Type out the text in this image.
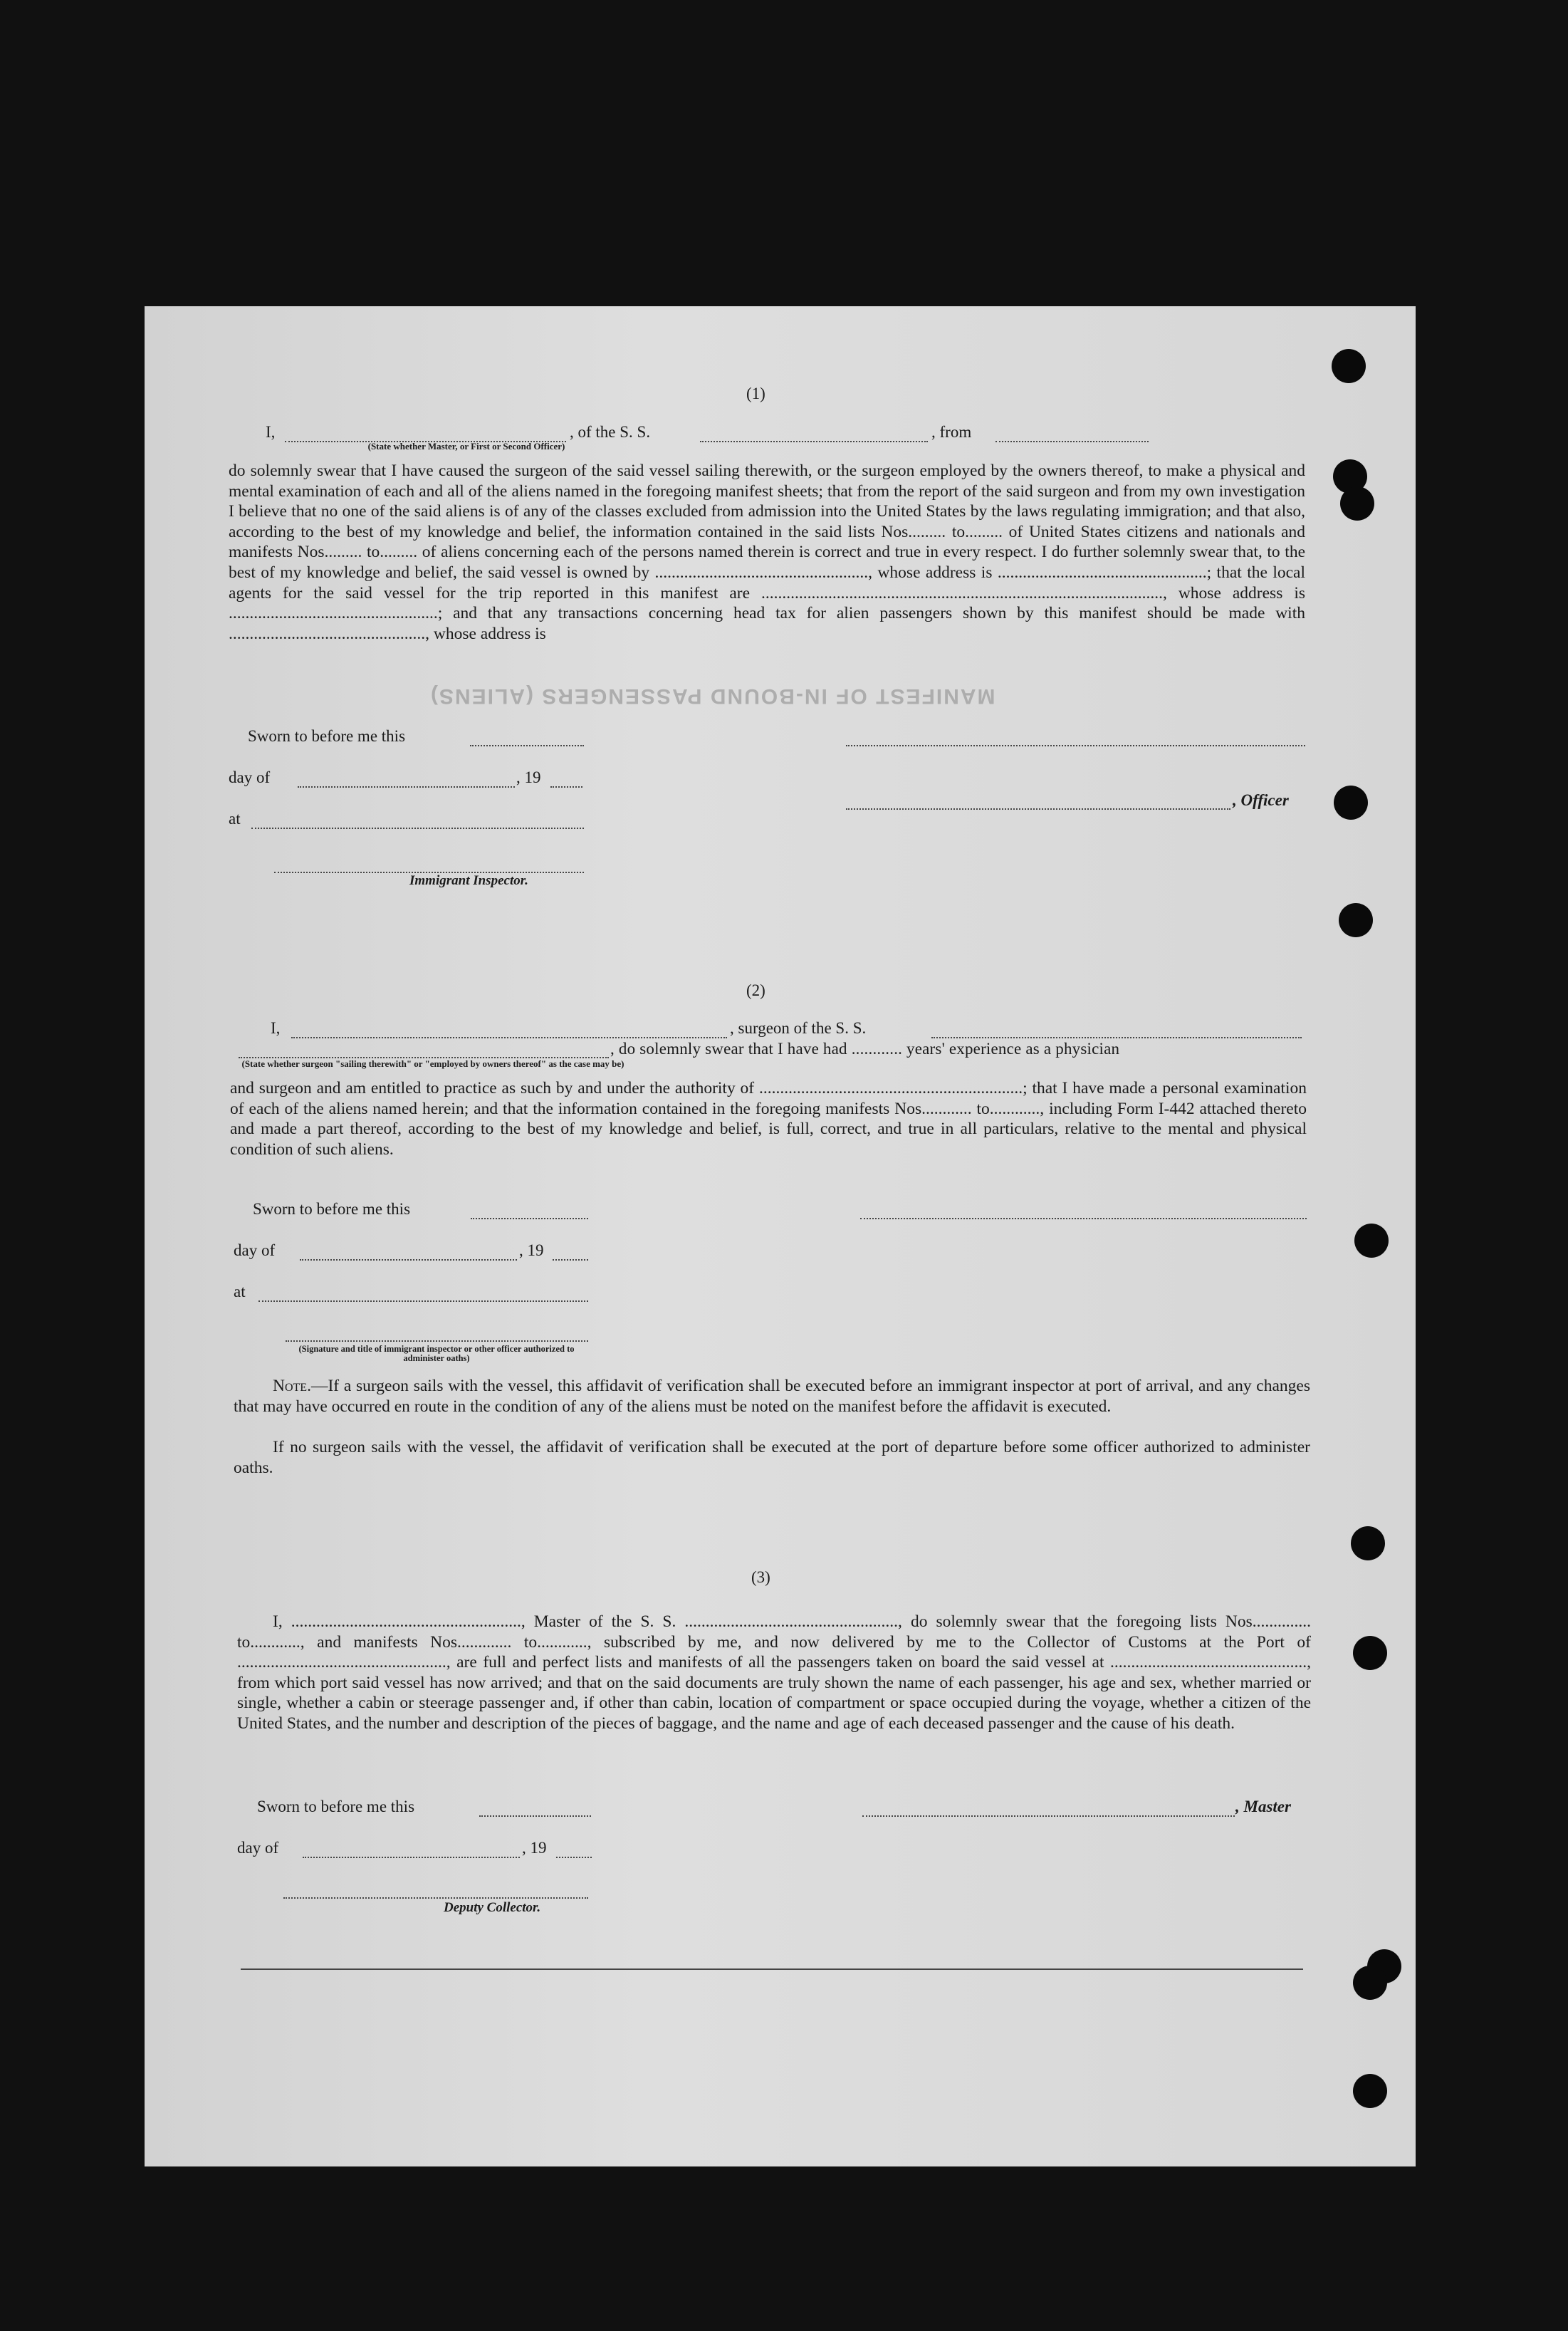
MANIFEST OF IN-BOUND PASSENGERS (ALIENS)
(1)
I,	, of the S. S.	, from
(State whether Master, or First or Second Officer)
do solemnly swear that I have caused the surgeon of the said vessel sailing therewith, or the surgeon employed by the owners thereof, to make a physical and mental examination of each and all of the aliens named in the foregoing manifest sheets; that from the report of the said surgeon and from my own investigation I believe that no one of the said aliens is of any of the classes excluded from admission into the United States by the laws regulating immigration; and that also, according to the best of my knowledge and belief, the information contained in the said lists Nos......... to......... of United States citizens and nationals and manifests Nos......... to......... of aliens concerning each of the persons named therein is correct and true in every respect. I do further solemnly swear that, to the best of my knowledge and belief, the said vessel is owned by ..................................................., whose address is ..................................................; that the local agents for the said vessel for the trip reported in this manifest are ................................................................................................, whose address is ..................................................; and that any transactions concerning head tax for alien passengers shown by this manifest should be made with ..............................................., whose address is
Sworn to before me this
day of	, 19
, Officer
at
Immigrant Inspector.
(2)
I,	, surgeon of the S. S.
, do solemnly swear that I have had ............ years' experience as a physician
(State whether surgeon "sailing therewith" or "employed by owners thereof" as the case may be)
and surgeon and am entitled to practice as such by and under the authority of ...............................................................; that I have made a personal examination of each of the aliens named herein; and that the information contained in the foregoing manifests Nos............ to............, including Form I-442 attached thereto and made a part thereof, according to the best of my knowledge and belief, is full, correct, and true in all particulars, relative to the mental and physical condition of such aliens.
Sworn to before me this
day of	, 19
at
(Signature and title of immigrant inspector or other officer authorized to administer oaths)
Note.—If a surgeon sails with the vessel, this affidavit of verification shall be executed before an immigrant inspector at port of arrival, and any changes that may have occurred en route in the condition of any of the aliens must be noted on the manifest before the affidavit is executed.
If no surgeon sails with the vessel, the affidavit of verification shall be executed at the port of departure before some officer authorized to administer oaths.
(3)
I, ......................................................., Master of the S. S. ..................................................., do solemnly swear that the foregoing lists Nos.............. to............, and manifests Nos............. to............, subscribed by me, and now delivered by me to the Collector of Customs at the Port of .................................................., are full and perfect lists and manifests of all the passengers taken on board the said vessel at ..............................................., from which port said vessel has now arrived; and that on the said documents are truly shown the name of each passenger, his age and sex, whether married or single, whether a cabin or steerage passenger and, if other than cabin, location of compartment or space occupied during the voyage, whether a citizen of the United States, and the number and description of the pieces of baggage, and the name and age of each deceased passenger and the cause of his death.
Sworn to before me this	, Master
day of	, 19
Deputy Collector.
